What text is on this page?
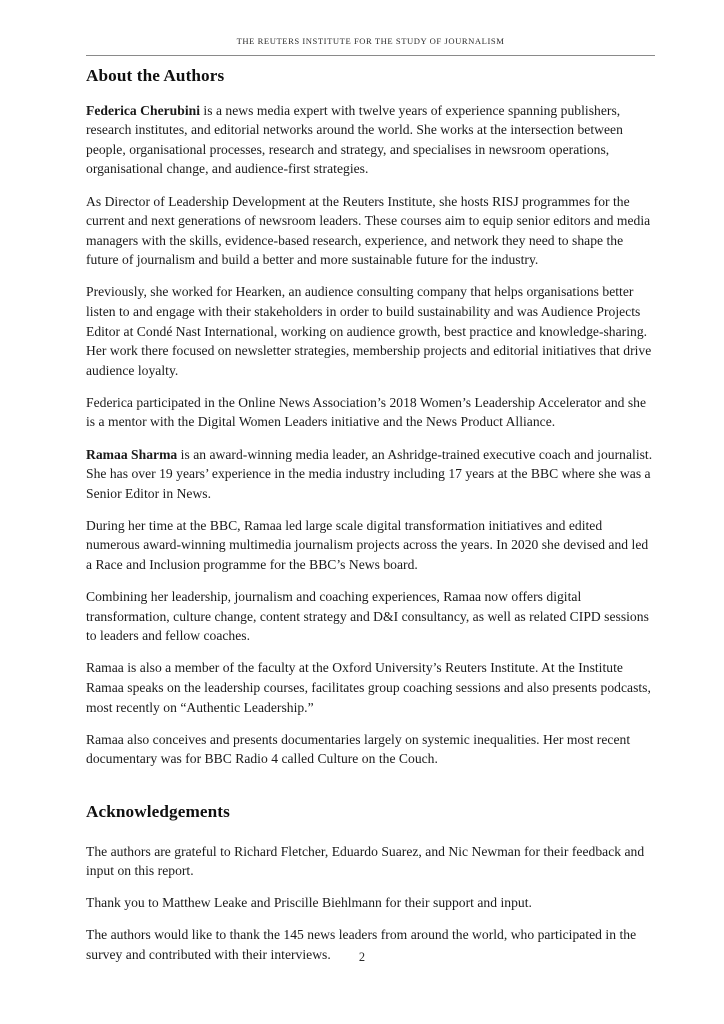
THE REUTERS INSTITUTE FOR THE STUDY OF JOURNALISM
About the Authors

Federica Cherubini is a news media expert with twelve years of experience spanning publishers, research institutes, and editorial networks around the world. She works at the intersection between people, organisational processes, research and strategy, and specialises in newsroom operations, organisational change, and audience-first strategies.

As Director of Leadership Development at the Reuters Institute, she hosts RISJ programmes for the current and next generations of newsroom leaders. These courses aim to equip senior editors and media managers with the skills, evidence-based research, experience, and network they need to shape the future of journalism and build a better and more sustainable future for the industry.

Previously, she worked for Hearken, an audience consulting company that helps organisations better listen to and engage with their stakeholders in order to build sustainability and was Audience Projects Editor at Condé Nast International, working on audience growth, best practice and knowledge-sharing. Her work there focused on newsletter strategies, membership projects and editorial initiatives that drive audience loyalty.

Federica participated in the Online News Association’s 2018 Women’s Leadership Accelerator and she is a mentor with the Digital Women Leaders initiative and the News Product Alliance.

Ramaa Sharma is an award-winning media leader, an Ashridge-trained executive coach and journalist. She has over 19 years’ experience in the media industry including 17 years at the BBC where she was a Senior Editor in News.

During her time at the BBC, Ramaa led large scale digital transformation initiatives and edited numerous award-winning multimedia journalism projects across the years. In 2020 she devised and led a Race and Inclusion programme for the BBC’s News board.

Combining her leadership, journalism and coaching experiences, Ramaa now offers digital transformation, culture change, content strategy and D&I consultancy, as well as related CIPD sessions to leaders and fellow coaches.

Ramaa is also a member of the faculty at the Oxford University’s Reuters Institute. At the Institute Ramaa speaks on the leadership courses, facilitates group coaching sessions and also presents podcasts, most recently on “Authentic Leadership.”

Ramaa also conceives and presents documentaries largely on systemic inequalities. Her most recent documentary was for BBC Radio 4 called Culture on the Couch.

Acknowledgements

The authors are grateful to Richard Fletcher, Eduardo Suarez, and Nic Newman for their feedback and input on this report.

Thank you to Matthew Leake and Priscille Biehlmann for their support and input.

The authors would like to thank the 145 news leaders from around the world, who participated in the survey and contributed with their interviews.	2
